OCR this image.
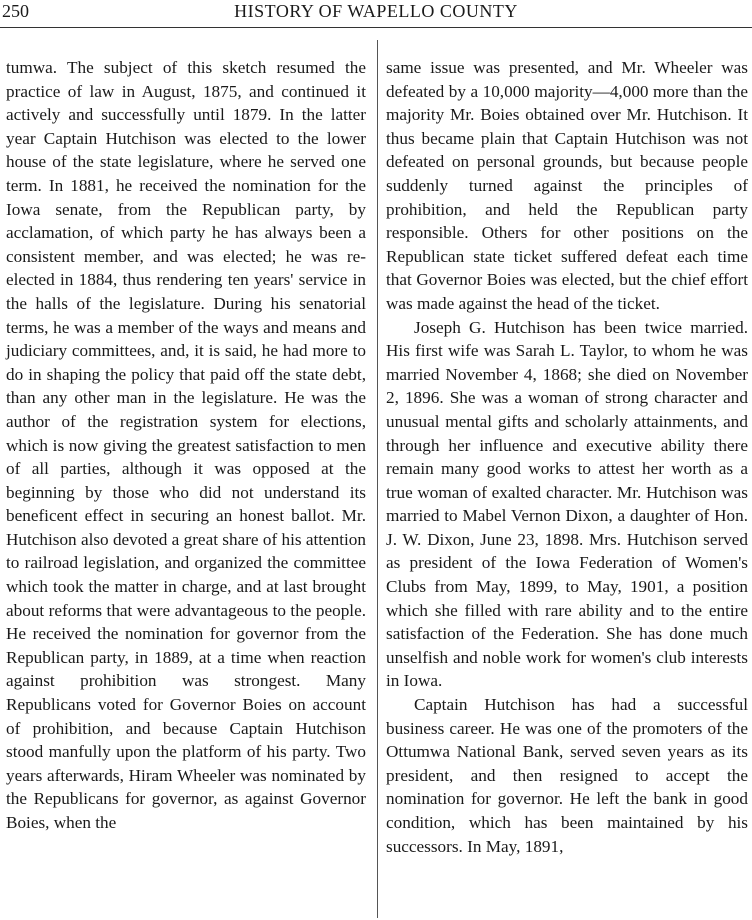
250	HISTORY OF WAPELLO COUNTY

tumwa. The subject of this sketch resumed the practice of law in August, 1875, and continued it actively and successfully until 1879. In the latter year Captain Hutchison was elected to the lower house of the state legislature, where he served one term. In 1881, he received the nomination for the Iowa senate, from the Republican party, by acclamation, of which party he has always been a consistent member, and was elected; he was re-elected in 1884, thus rendering ten years' service in the halls of the legislature. During his senatorial terms, he was a member of the ways and means and judiciary committees, and, it is said, he had more to do in shaping the policy that paid off the state debt, than any other man in the legislature. He was the author of the registration system for elections, which is now giving the greatest satisfaction to men of all parties, although it was opposed at the beginning by those who did not understand its beneficent effect in securing an honest ballot. Mr. Hutchison also devoted a great share of his attention to railroad legislation, and organized the committee which took the matter in charge, and at last brought about reforms that were advantageous to the people. He received the nomination for governor from the Republican party, in 1889, at a time when reaction against prohibition was strongest. Many Republicans voted for Governor Boies on account of prohibition, and because Captain Hutchison stood manfully upon the platform of his party. Two years afterwards, Hiram Wheeler was nominated by the Republicans for governor, as against Governor Boies, when the

same issue was presented, and Mr. Wheeler was defeated by a 10,000 majority—4,000 more than the majority Mr. Boies obtained over Mr. Hutchison. It thus became plain that Captain Hutchison was not defeated on personal grounds, but because people suddenly turned against the principles of prohibition, and held the Republican party responsible. Others for other positions on the Republican state ticket suffered defeat each time that Governor Boies was elected, but the chief effort was made against the head of the ticket.

Joseph G. Hutchison has been twice married. His first wife was Sarah L. Taylor, to whom he was married November 4, 1868; she died on November 2, 1896. She was a woman of strong character and unusual mental gifts and scholarly attainments, and through her influence and executive ability there remain many good works to attest her worth as a true woman of exalted character. Mr. Hutchison was married to Mabel Vernon Dixon, a daughter of Hon. J. W. Dixon, June 23, 1898. Mrs. Hutchison served as president of the Iowa Federation of Women's Clubs from May, 1899, to May, 1901, a position which she filled with rare ability and to the entire satisfaction of the Federation. She has done much unselfish and noble work for women's club interests in Iowa.

Captain Hutchison has had a successful business career. He was one of the promoters of the Ottumwa National Bank, served seven years as its president, and then resigned to accept the nomination for governor. He left the bank in good condition, which has been maintained by his successors. In May, 1891,
